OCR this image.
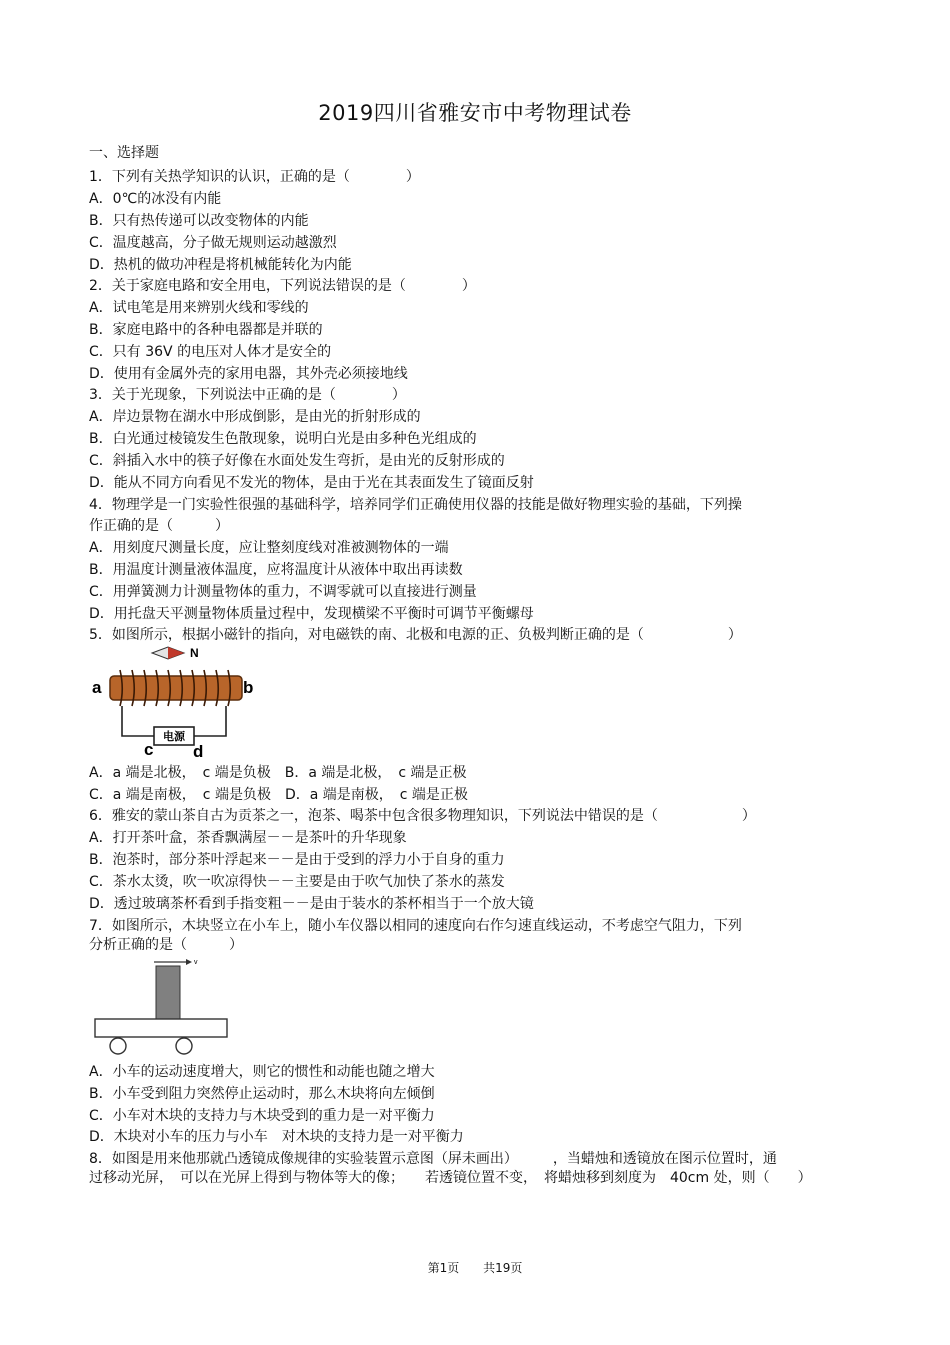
2019四川省雅安市中考物理试卷
一、选择题
1．下列有关热学知识的认识，正确的是（　　　　）
A．0℃的冰没有内能
B．只有热传递可以改变物体的内能
C．温度越高，分子做无规则运动越激烈
D．热机的做功冲程是将机械能转化为内能
2．关于家庭电路和安全用电，下列说法错误的是（　　　　）
A．试电笔是用来辨别火线和零线的
B．家庭电路中的各种电器都是并联的
C．只有 36V 的电压对人体才是安全的
D．使用有金属外壳的家用电器，其外壳必须接地线
3．关于光现象，下列说法中正确的是（　　　　）
A．岸边景物在湖水中形成倒影，是由光的折射形成的
B．白光通过棱镜发生色散现象，说明白光是由多种色光组成的
C．斜插入水中的筷子好像在水面处发生弯折，是由光的反射形成的
D．能从不同方向看见不发光的物体，是由于光在其表面发生了镜面反射
4．物理学是一门实验性很强的基础科学，培养同学们正确使用仪器的技能是做好物理实验的基础，下列操
作正确的是（　　　）
A．用刻度尺测量长度，应让整刻度线对准被测物体的一端
B．用温度计测量液体温度，应将温度计从液体中取出再读数
C．用弹簧测力计测量物体的重力，不调零就可以直接进行测量
D．用托盘天平测量物体质量过程中，发现横梁不平衡时可调节平衡螺母
5．如图所示，根据小磁针的指向，对电磁铁的南、北极和电源的正、负极判断正确的是（　　　　　　）
N
a	b
电源
c d
A．a 端是北极，　c 端是负极　B．a 端是北极，　c 端是正极
C．a 端是南极，　c 端是负极　D．a 端是南极，　c 端是正极
6．雅安的蒙山茶自古为贡茶之一，泡茶、喝茶中包含很多物理知识，下列说法中错误的是（　　　　　　）
A．打开茶叶盒，茶香飘满屋－－是茶叶的升华现象
B．泡茶时，部分茶叶浮起来－－是由于受到的浮力小于自身的重力
C．茶水太烫，吹一吹凉得快－－主要是由于吹气加快了茶水的蒸发
D．透过玻璃茶杯看到手指变粗－－是由于装水的茶杯相当于一个放大镜
7．如图所示，木块竖立在小车上，随小车仪器以相同的速度向右作匀速直线运动，不考虑空气阻力，下列
分析正确的是（　　　）
v
A．小车的运动速度增大，则它的惯性和动能也随之增大
B．小车受到阻力突然停止运动时，那么木块将向左倾倒
C．小车对木块的支持力与木块受到的重力是一对平衡力
D．木块对小车的压力与小车　对木块的支持力是一对平衡力
8．如图是用来他那就凸透镜成像规律的实验装置示意图（屏未画出）　　　，当蜡烛和透镜放在图示位置时，通
过移动光屏，　可以在光屏上得到与物体等大的像；　　若透镜位置不变，　将蜡烛移到刻度为　40cm 处，则（　　）
第1页 共19页
